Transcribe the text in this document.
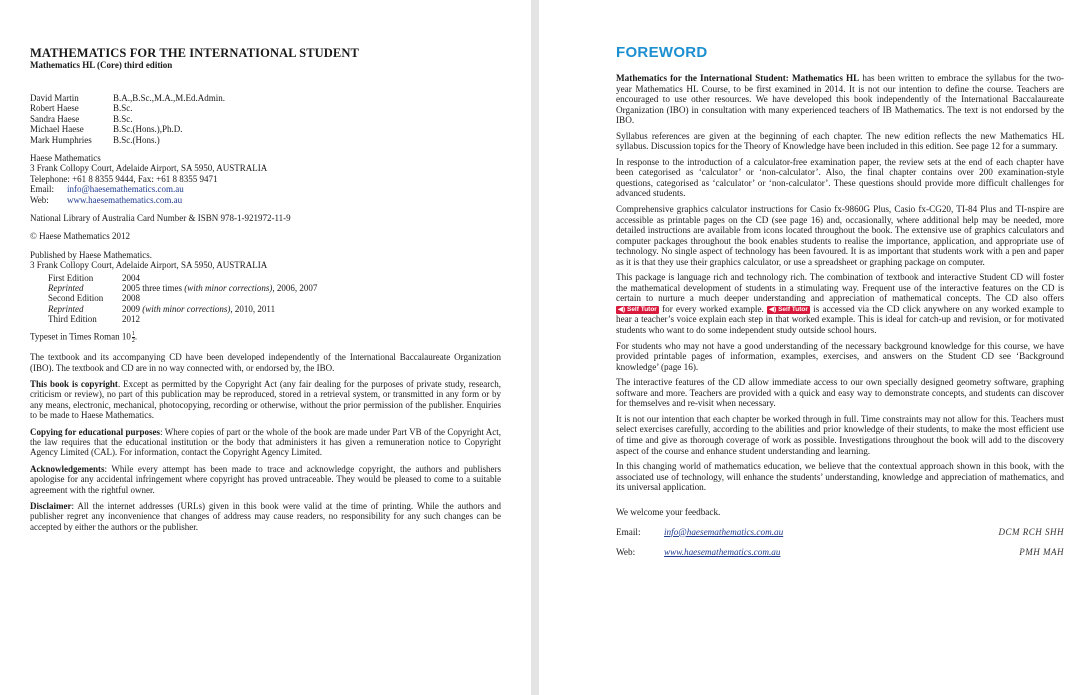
MATHEMATICS FOR THE INTERNATIONAL STUDENT
Mathematics HL (Core) third edition
David Martin	B.A.,B.Sc.,M.A.,M.Ed.Admin.
Robert Haese	B.Sc.
Sandra Haese	B.Sc.
Michael Haese	B.Sc.(Hons.),Ph.D.
Mark Humphries	B.Sc.(Hons.)
Haese Mathematics
3 Frank Collopy Court, Adelaide Airport, SA 5950, AUSTRALIA
Telephone: +61 8 8355 9444, Fax: +61 8 8355 9471
Email: info@haesemathematics.com.au
Web: www.haesemathematics.com.au
National Library of Australia Card Number & ISBN 978-1-921972-11-9
© Haese Mathematics 2012
Published by Haese Mathematics.
3 Frank Collopy Court, Adelaide Airport, SA 5950, AUSTRALIA
First Edition	2004
Reprinted	2005 three times (with minor corrections), 2006, 2007
Second Edition	2008
Reprinted	2009 (with minor corrections), 2010, 2011
Third Edition	2012
Typeset in Times Roman $10 \frac{1}{2}$ .

The textbook and its accompanying CD have been developed independently of the International Baccalaureate Organization (IBO). The textbook and CD are in no way connected with, or endorsed by, the IBO.

This book is copyright. Except as permitted by the Copyright Act (any fair dealing for the purposes of private study, research, criticism or review), no part of this publication may be reproduced, stored in a retrieval system, or transmitted in any form or by any means, electronic, mechanical, photocopying, recording or otherwise, without the prior permission of the publisher. Enquiries to be made to Haese Mathematics.

Copying for educational purposes: Where copies of part or the whole of the book are made under Part VB of the Copyright Act, the law requires that the educational institution or the body that administers it has given a remuneration notice to Copyright Agency Limited (CAL). For information, contact the Copyright Agency Limited.

Acknowledgements: While every attempt has been made to trace and acknowledge copyright, the authors and publishers apologise for any accidental infringement where copyright has proved untraceable. They would be pleased to come to a suitable agreement with the rightful owner.

Disclaimer: All the internet addresses (URLs) given in this book were valid at the time of printing. While the authors and publisher regret any inconvenience that changes of address may cause readers, no responsibility for any such changes can be accepted by either the authors or the publisher.

FOREWORD

Mathematics for the International Student: Mathematics HL has been written to embrace the syllabus for the two-year Mathematics HL Course, to be first examined in 2014. It is not our intention to define the course. Teachers are encouraged to use other resources. We have developed this book independently of the International Baccalaureate Organization (IBO) in consultation with many experienced teachers of IB Mathematics. The text is not endorsed by the IBO.

Syllabus references are given at the beginning of each chapter. The new edition reflects the new Mathematics HL syllabus. Discussion topics for the Theory of Knowledge have been included in this edition. See page 12 for a summary.

In response to the introduction of a calculator-free examination paper, the review sets at the end of each chapter have been categorised as ‘calculator’ or ‘non-calculator’. Also, the final chapter contains over 200 examination-style questions, categorised as ‘calculator’ or ‘non-calculator’. These questions should provide more difficult challenges for advanced students.

Comprehensive graphics calculator instructions for Casio fx-9860G Plus, Casio fx-CG20, TI-84 Plus and TI-nspire are accessible as printable pages on the CD (see page 16) and, occasionally, where additional help may be needed, more detailed instructions are available from icons located throughout the book. The extensive use of graphics calculators and computer packages throughout the book enables students to realise the importance, application, and appropriate use of technology. No single aspect of technology has been favoured. It is as important that students work with a pen and paper as it is that they use their graphics calculator, or use a spreadsheet or graphing package on computer.

This package is language rich and technology rich. The combination of textbook and interactive Student CD will foster the mathematical development of students in a stimulating way. Frequent use of the interactive features on the CD is certain to nurture a much deeper understanding and appreciation of mathematical concepts. The CD also offers ◀) Self Tutor for every worked example. ◀) Self Tutor is accessed via the CD click anywhere on any worked example to hear a teacher’s voice explain each step in that worked example. This is ideal for catch-up and revision, or for motivated students who want to do some independent study outside school hours.

For students who may not have a good understanding of the necessary background knowledge for this course, we have provided printable pages of information, examples, exercises, and answers on the Student CD see ‘Background knowledge’ (page 16).

The interactive features of the CD allow immediate access to our own specially designed geometry software, graphing software and more. Teachers are provided with a quick and easy way to demonstrate concepts, and students can discover for themselves and re-visit when necessary.

It is not our intention that each chapter be worked through in full. Time constraints may not allow for this. Teachers must select exercises carefully, according to the abilities and prior knowledge of their students, to make the most efficient use of time and give as thorough coverage of work as possible. Investigations throughout the book will add to the discovery aspect of the course and enhance student understanding and learning.

In this changing world of mathematics education, we believe that the contextual approach shown in this book, with the associated use of technology, will enhance the students’ understanding, knowledge and appreciation of mathematics, and its universal application.

We welcome your feedback.
Email:	info@haesemathematics.com.au	DCM RCH SHH
Web:	www.haesemathematics.com.au	PMH MAH
